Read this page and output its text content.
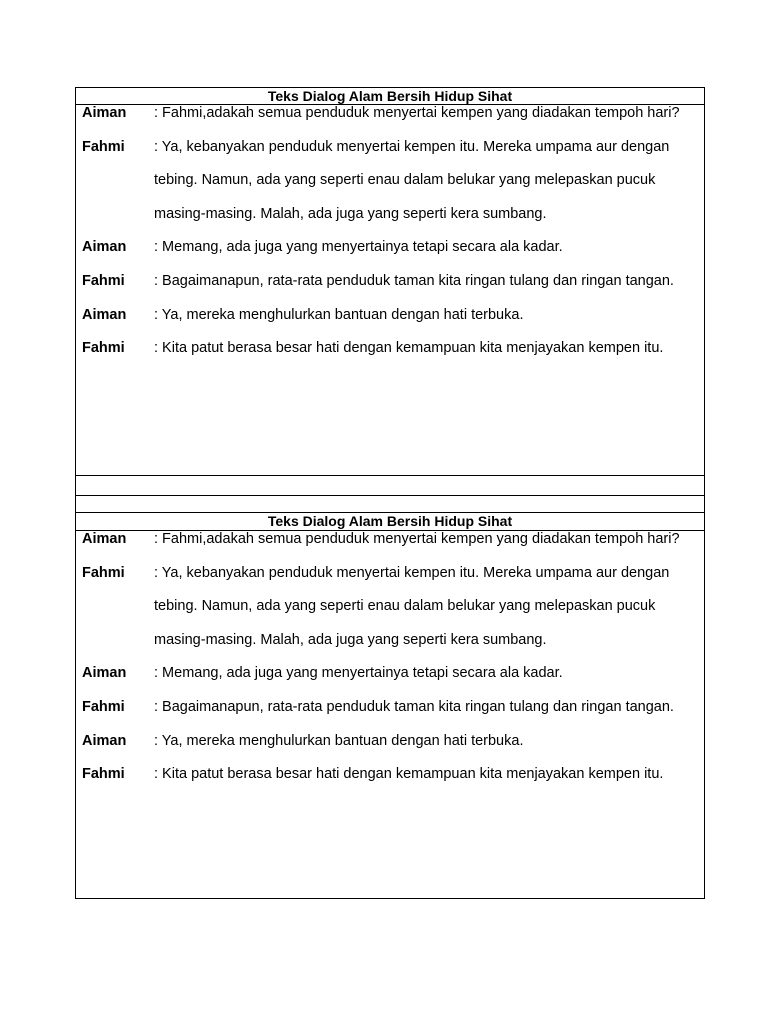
Teks Dialog Alam Bersih Hidup Sihat
Aiman	: Fahmi,adakah semua penduduk menyertai kempen yang diadakan tempoh hari?
Fahmi	: Ya, kebanyakan penduduk menyertai kempen itu. Mereka umpama aur dengan tebing. Namun, ada yang seperti enau dalam belukar yang melepaskan pucuk masing-masing. Malah, ada juga yang seperti kera sumbang.
Aiman	: Memang, ada juga yang menyertainya tetapi secara ala kadar.
Fahmi	: Bagaimanapun, rata-rata penduduk taman kita ringan tulang dan ringan tangan.
Aiman	: Ya, mereka menghulurkan bantuan dengan hati terbuka.
Fahmi	: Kita patut berasa besar hati dengan kemampuan kita menjayakan kempen itu.
Teks Dialog Alam Bersih Hidup Sihat
Aiman	: Fahmi,adakah semua penduduk menyertai kempen yang diadakan tempoh hari?
Fahmi	: Ya, kebanyakan penduduk menyertai kempen itu. Mereka umpama aur dengan tebing. Namun, ada yang seperti enau dalam belukar yang melepaskan pucuk masing-masing. Malah, ada juga yang seperti kera sumbang.
Aiman	: Memang, ada juga yang menyertainya tetapi secara ala kadar.
Fahmi	: Bagaimanapun, rata-rata penduduk taman kita ringan tulang dan ringan tangan.
Aiman	: Ya, mereka menghulurkan bantuan dengan hati terbuka.
Fahmi	: Kita patut berasa besar hati dengan kemampuan kita menjayakan kempen itu.
